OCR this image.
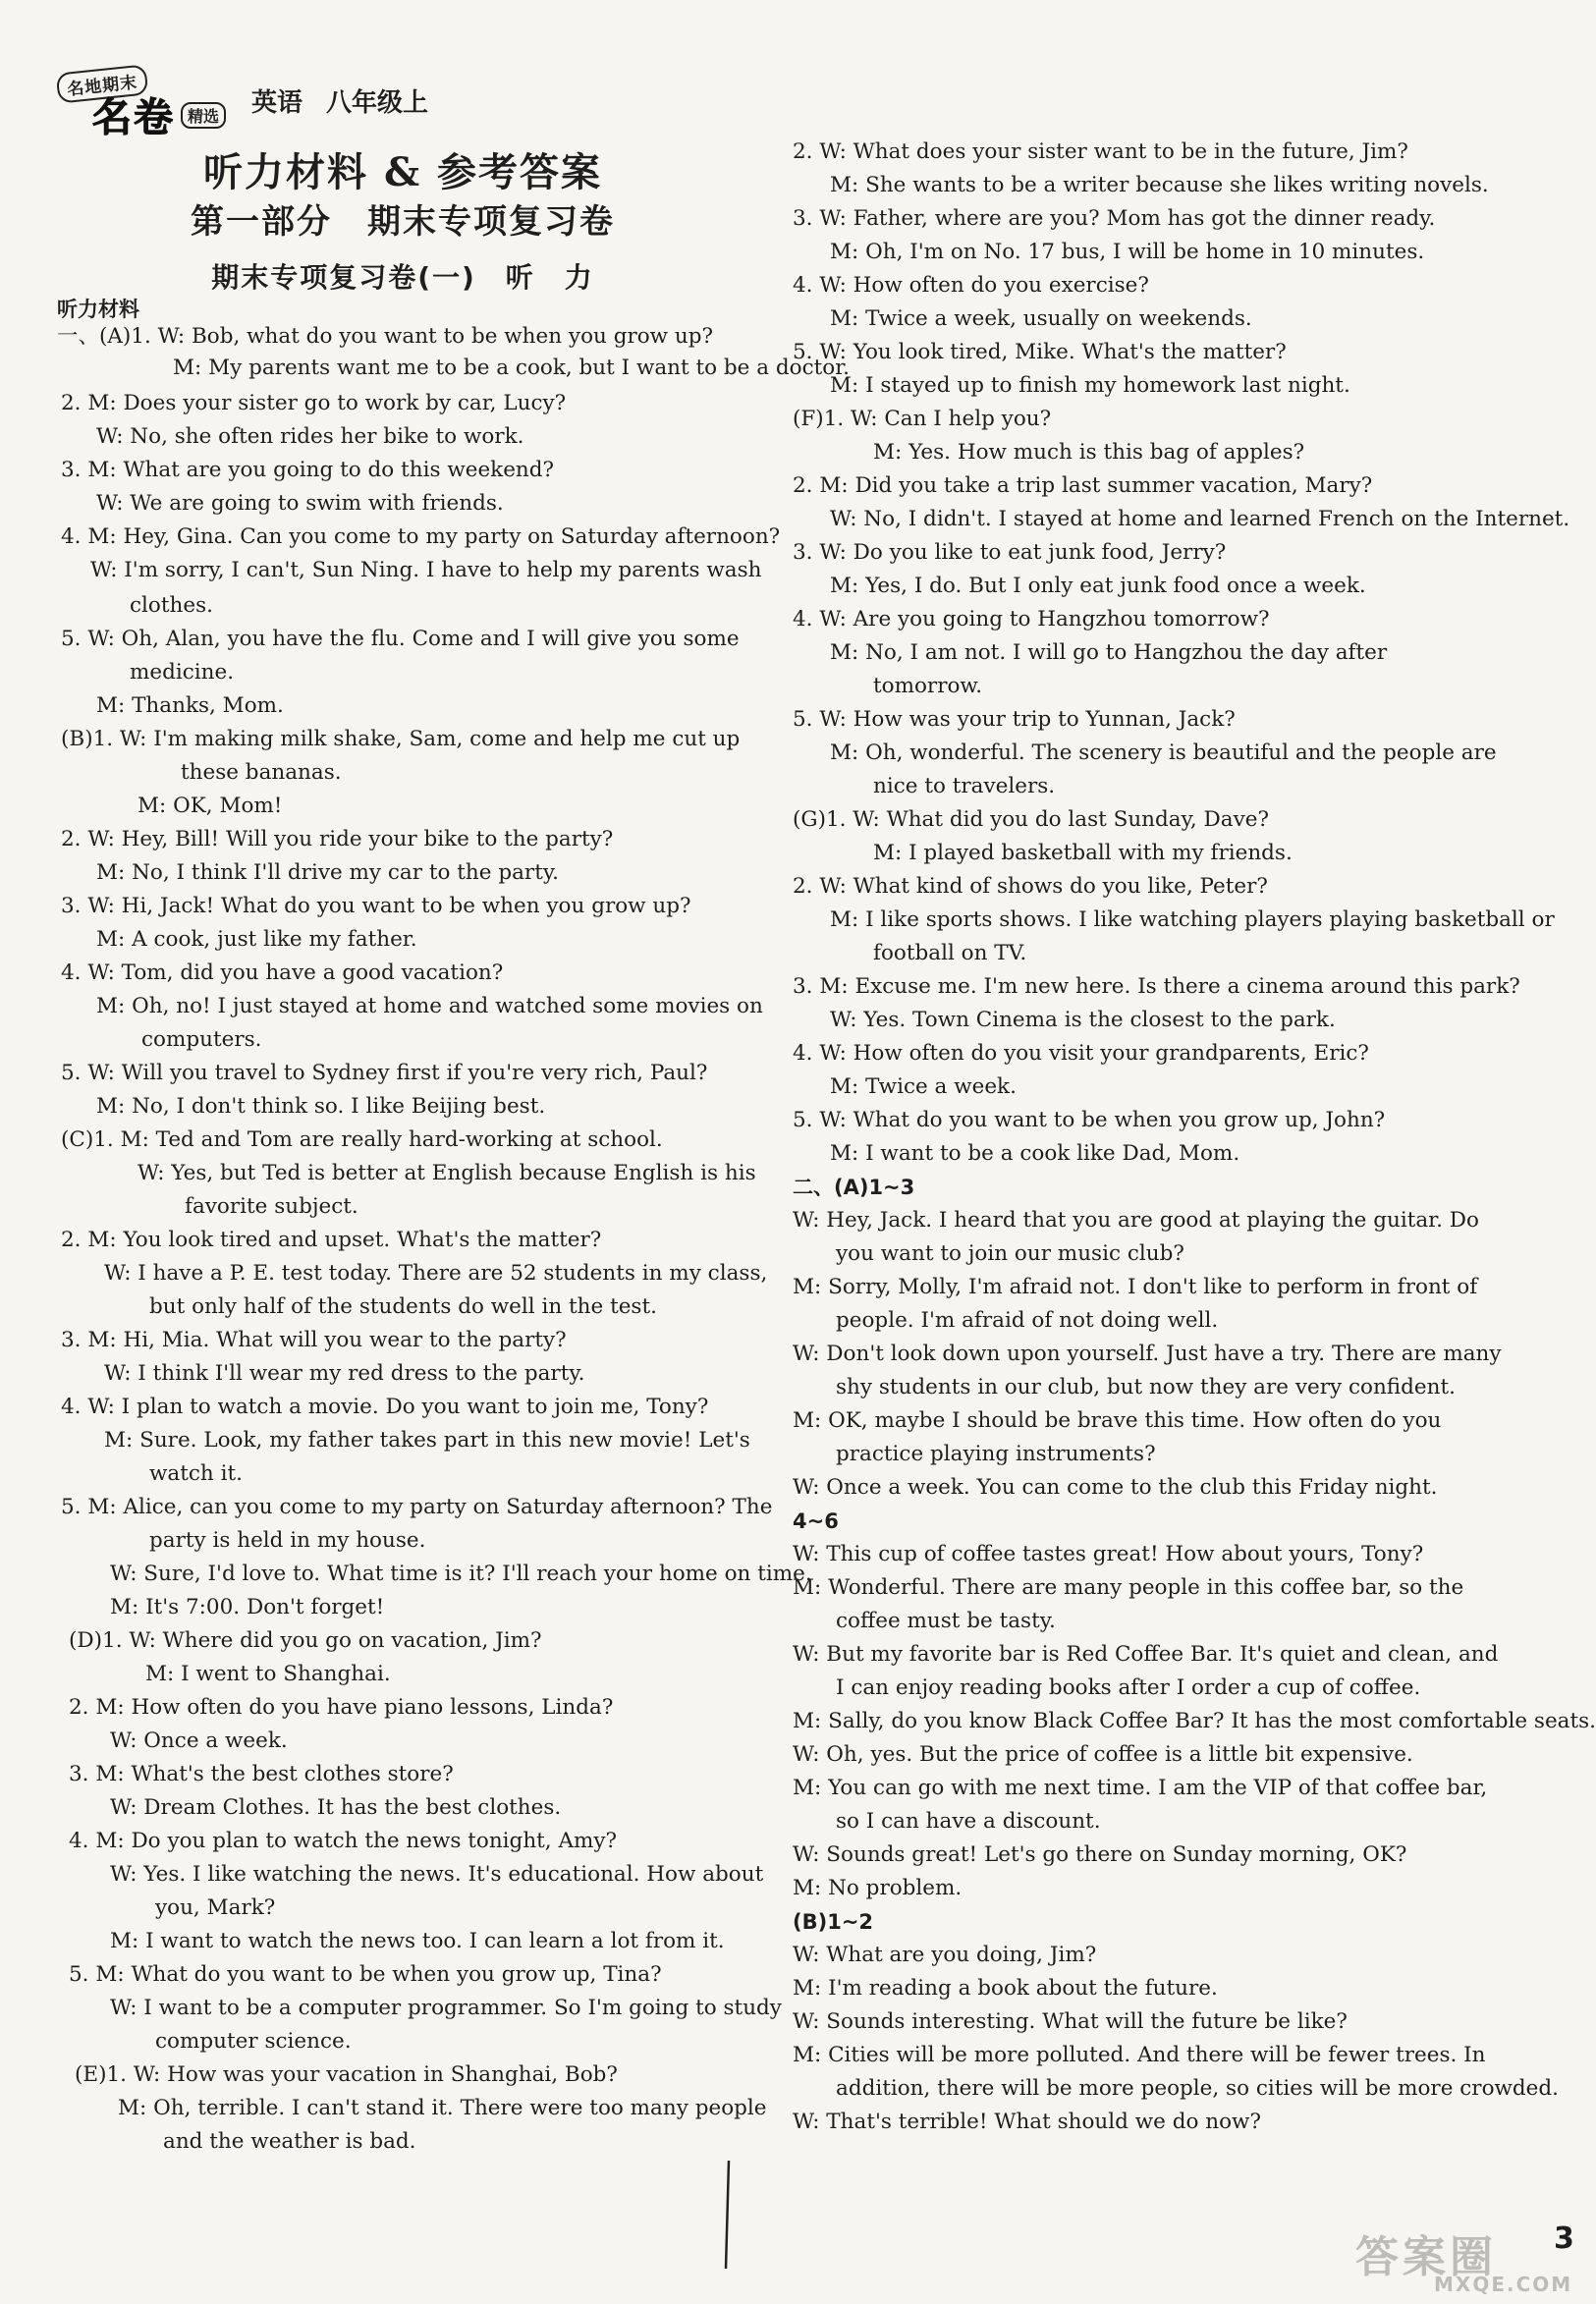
名地期末
名卷 精选 英语 八年级上
听力材料 & 参考答案
第一部分　期末专项复习卷
期末专项复习卷(一)　听　力
听力材料
一、(A)1. W: Bob, what do you want to be when you grow up?
M: My parents want me to be a cook, but I want to be a doctor.
2. M: Does your sister go to work by car, Lucy?
W: No, she often rides her bike to work.
3. M: What are you going to do this weekend?
W: We are going to swim with friends.
4. M: Hey, Gina. Can you come to my party on Saturday afternoon?
W: I'm sorry, I can't, Sun Ning. I have to help my parents wash
clothes.
5. W: Oh, Alan, you have the flu. Come and I will give you some
medicine.
M: Thanks, Mom.
(B)1. W: I'm making milk shake, Sam, come and help me cut up
these bananas.
M: OK, Mom!
2. W: Hey, Bill! Will you ride your bike to the party?
M: No, I think I'll drive my car to the party.
3. W: Hi, Jack! What do you want to be when you grow up?
M: A cook, just like my father.
4. W: Tom, did you have a good vacation?
M: Oh, no! I just stayed at home and watched some movies on
computers.
5. W: Will you travel to Sydney first if you're very rich, Paul?
M: No, I don't think so. I like Beijing best.
(C)1. M: Ted and Tom are really hard-working at school.
W: Yes, but Ted is better at English because English is his
favorite subject.
2. M: You look tired and upset. What's the matter?
W: I have a P. E. test today. There are 52 students in my class,
but only half of the students do well in the test.
3. M: Hi, Mia. What will you wear to the party?
W: I think I'll wear my red dress to the party.
4. W: I plan to watch a movie. Do you want to join me, Tony?
M: Sure. Look, my father takes part in this new movie! Let's
watch it.
5. M: Alice, can you come to my party on Saturday afternoon? The
party is held in my house.
W: Sure, I'd love to. What time is it? I'll reach your home on time.
M: It's 7:00. Don't forget!
(D)1. W: Where did you go on vacation, Jim?
M: I went to Shanghai.
2. M: How often do you have piano lessons, Linda?
W: Once a week.
3. M: What's the best clothes store?
W: Dream Clothes. It has the best clothes.
4. M: Do you plan to watch the news tonight, Amy?
W: Yes. I like watching the news. It's educational. How about
you, Mark?
M: I want to watch the news too. I can learn a lot from it.
5. M: What do you want to be when you grow up, Tina?
W: I want to be a computer programmer. So I'm going to study
computer science.
(E)1. W: How was your vacation in Shanghai, Bob?
M: Oh, terrible. I can't stand it. There were too many people
and the weather is bad.
2. W: What does your sister want to be in the future, Jim?
M: She wants to be a writer because she likes writing novels.
3. W: Father, where are you? Mom has got the dinner ready.
M: Oh, I'm on No. 17 bus, I will be home in 10 minutes.
4. W: How often do you exercise?
M: Twice a week, usually on weekends.
5. W: You look tired, Mike. What's the matter?
M: I stayed up to finish my homework last night.
(F)1. W: Can I help you?
M: Yes. How much is this bag of apples?
2. M: Did you take a trip last summer vacation, Mary?
W: No, I didn't. I stayed at home and learned French on the Internet.
3. W: Do you like to eat junk food, Jerry?
M: Yes, I do. But I only eat junk food once a week.
4. W: Are you going to Hangzhou tomorrow?
M: No, I am not. I will go to Hangzhou the day after
tomorrow.
5. W: How was your trip to Yunnan, Jack?
M: Oh, wonderful. The scenery is beautiful and the people are
nice to travelers.
(G)1. W: What did you do last Sunday, Dave?
M: I played basketball with my friends.
2. W: What kind of shows do you like, Peter?
M: I like sports shows. I like watching players playing basketball or
football on TV.
3. M: Excuse me. I'm new here. Is there a cinema around this park?
W: Yes. Town Cinema is the closest to the park.
4. W: How often do you visit your grandparents, Eric?
M: Twice a week.
5. W: What do you want to be when you grow up, John?
M: I want to be a cook like Dad, Mom.
二、(A)1~3
W: Hey, Jack. I heard that you are good at playing the guitar. Do
you want to join our music club?
M: Sorry, Molly, I'm afraid not. I don't like to perform in front of
people. I'm afraid of not doing well.
W: Don't look down upon yourself. Just have a try. There are many
shy students in our club, but now they are very confident.
M: OK, maybe I should be brave this time. How often do you
practice playing instruments?
W: Once a week. You can come to the club this Friday night.
4~6
W: This cup of coffee tastes great! How about yours, Tony?
M: Wonderful. There are many people in this coffee bar, so the
coffee must be tasty.
W: But my favorite bar is Red Coffee Bar. It's quiet and clean, and
I can enjoy reading books after I order a cup of coffee.
M: Sally, do you know Black Coffee Bar? It has the most comfortable seats.
W: Oh, yes. But the price of coffee is a little bit expensive.
M: You can go with me next time. I am the VIP of that coffee bar,
so I can have a discount.
W: Sounds great! Let's go there on Sunday morning, OK?
M: No problem.
(B)1~2
W: What are you doing, Jim?
M: I'm reading a book about the future.
W: Sounds interesting. What will the future be like?
M: Cities will be more polluted. And there will be fewer trees. In
addition, there will be more people, so cities will be more crowded.
W: That's terrible! What should we do now?
答案圈
MXQE.COM
3
